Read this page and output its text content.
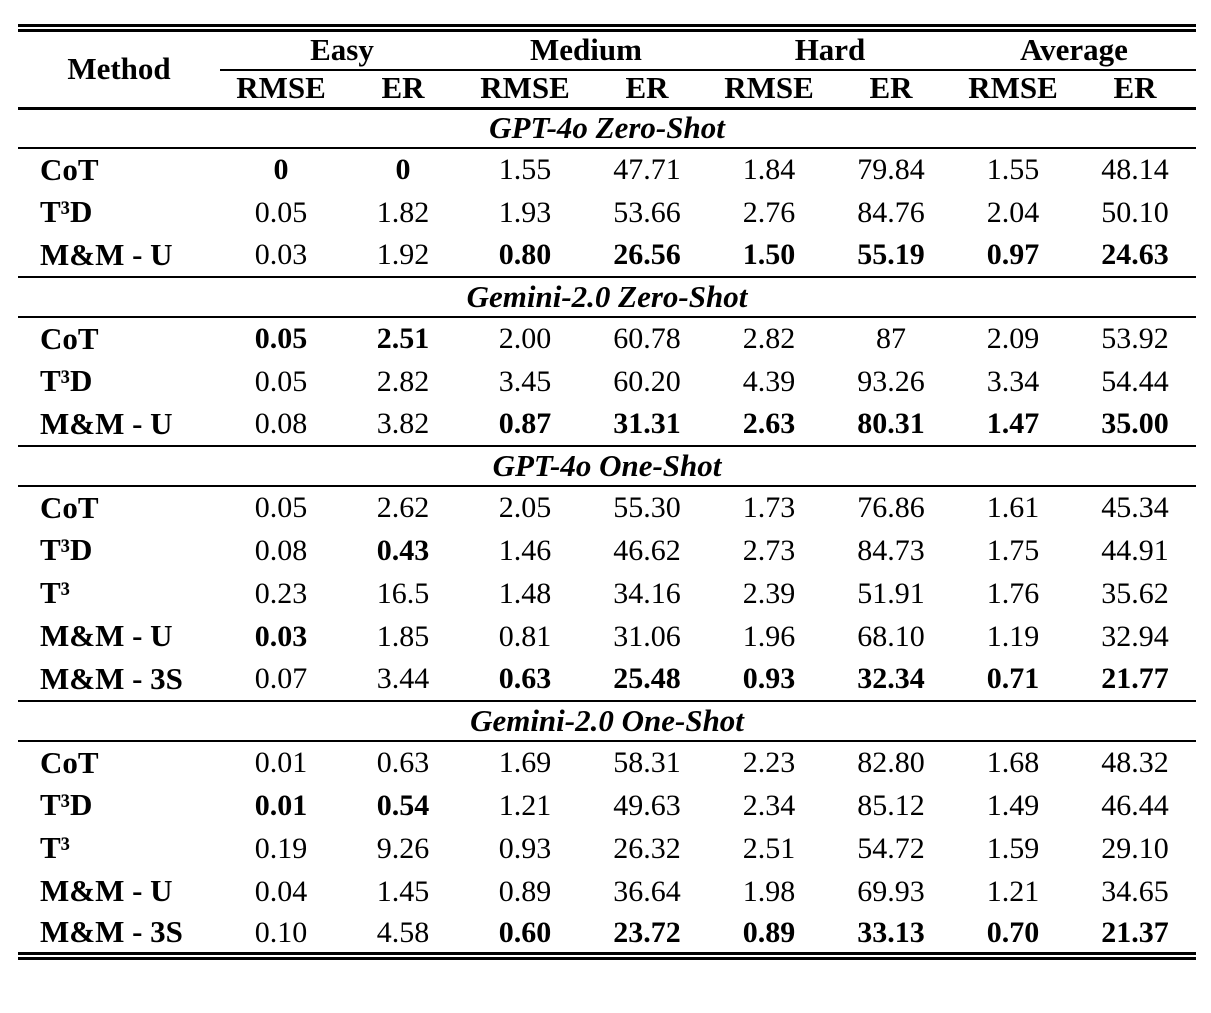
Method	Easy		Medium		Hard		Average	
	RMSE	ER	RMSE	ER	RMSE	ER	RMSE	ER
GPT-4o Zero-Shot								
CoT	0	0	1.55	47.71	1.84	79.84	1.55	48.14
T³D	0.05	1.82	1.93	53.66	2.76	84.76	2.04	50.10
M&M - U	0.03	1.92	0.80	26.56	1.50	55.19	0.97	24.63
Gemini-2.0 Zero-Shot								
CoT	0.05	2.51	2.00	60.78	2.82	87	2.09	53.92
T³D	0.05	2.82	3.45	60.20	4.39	93.26	3.34	54.44
M&M - U	0.08	3.82	0.87	31.31	2.63	80.31	1.47	35.00
GPT-4o One-Shot								
CoT	0.05	2.62	2.05	55.30	1.73	76.86	1.61	45.34
T³D	0.08	0.43	1.46	46.62	2.73	84.73	1.75	44.91
T³	0.23	16.5	1.48	34.16	2.39	51.91	1.76	35.62
M&M - U	0.03	1.85	0.81	31.06	1.96	68.10	1.19	32.94
M&M - 3S	0.07	3.44	0.63	25.48	0.93	32.34	0.71	21.77
Gemini-2.0 One-Shot								
CoT	0.01	0.63	1.69	58.31	2.23	82.80	1.68	48.32
T³D	0.01	0.54	1.21	49.63	2.34	85.12	1.49	46.44
T³	0.19	9.26	0.93	26.32	2.51	54.72	1.59	29.10
M&M - U	0.04	1.45	0.89	36.64	1.98	69.93	1.21	34.65
M&M - 3S	0.10	4.58	0.60	23.72	0.89	33.13	0.70	21.37
